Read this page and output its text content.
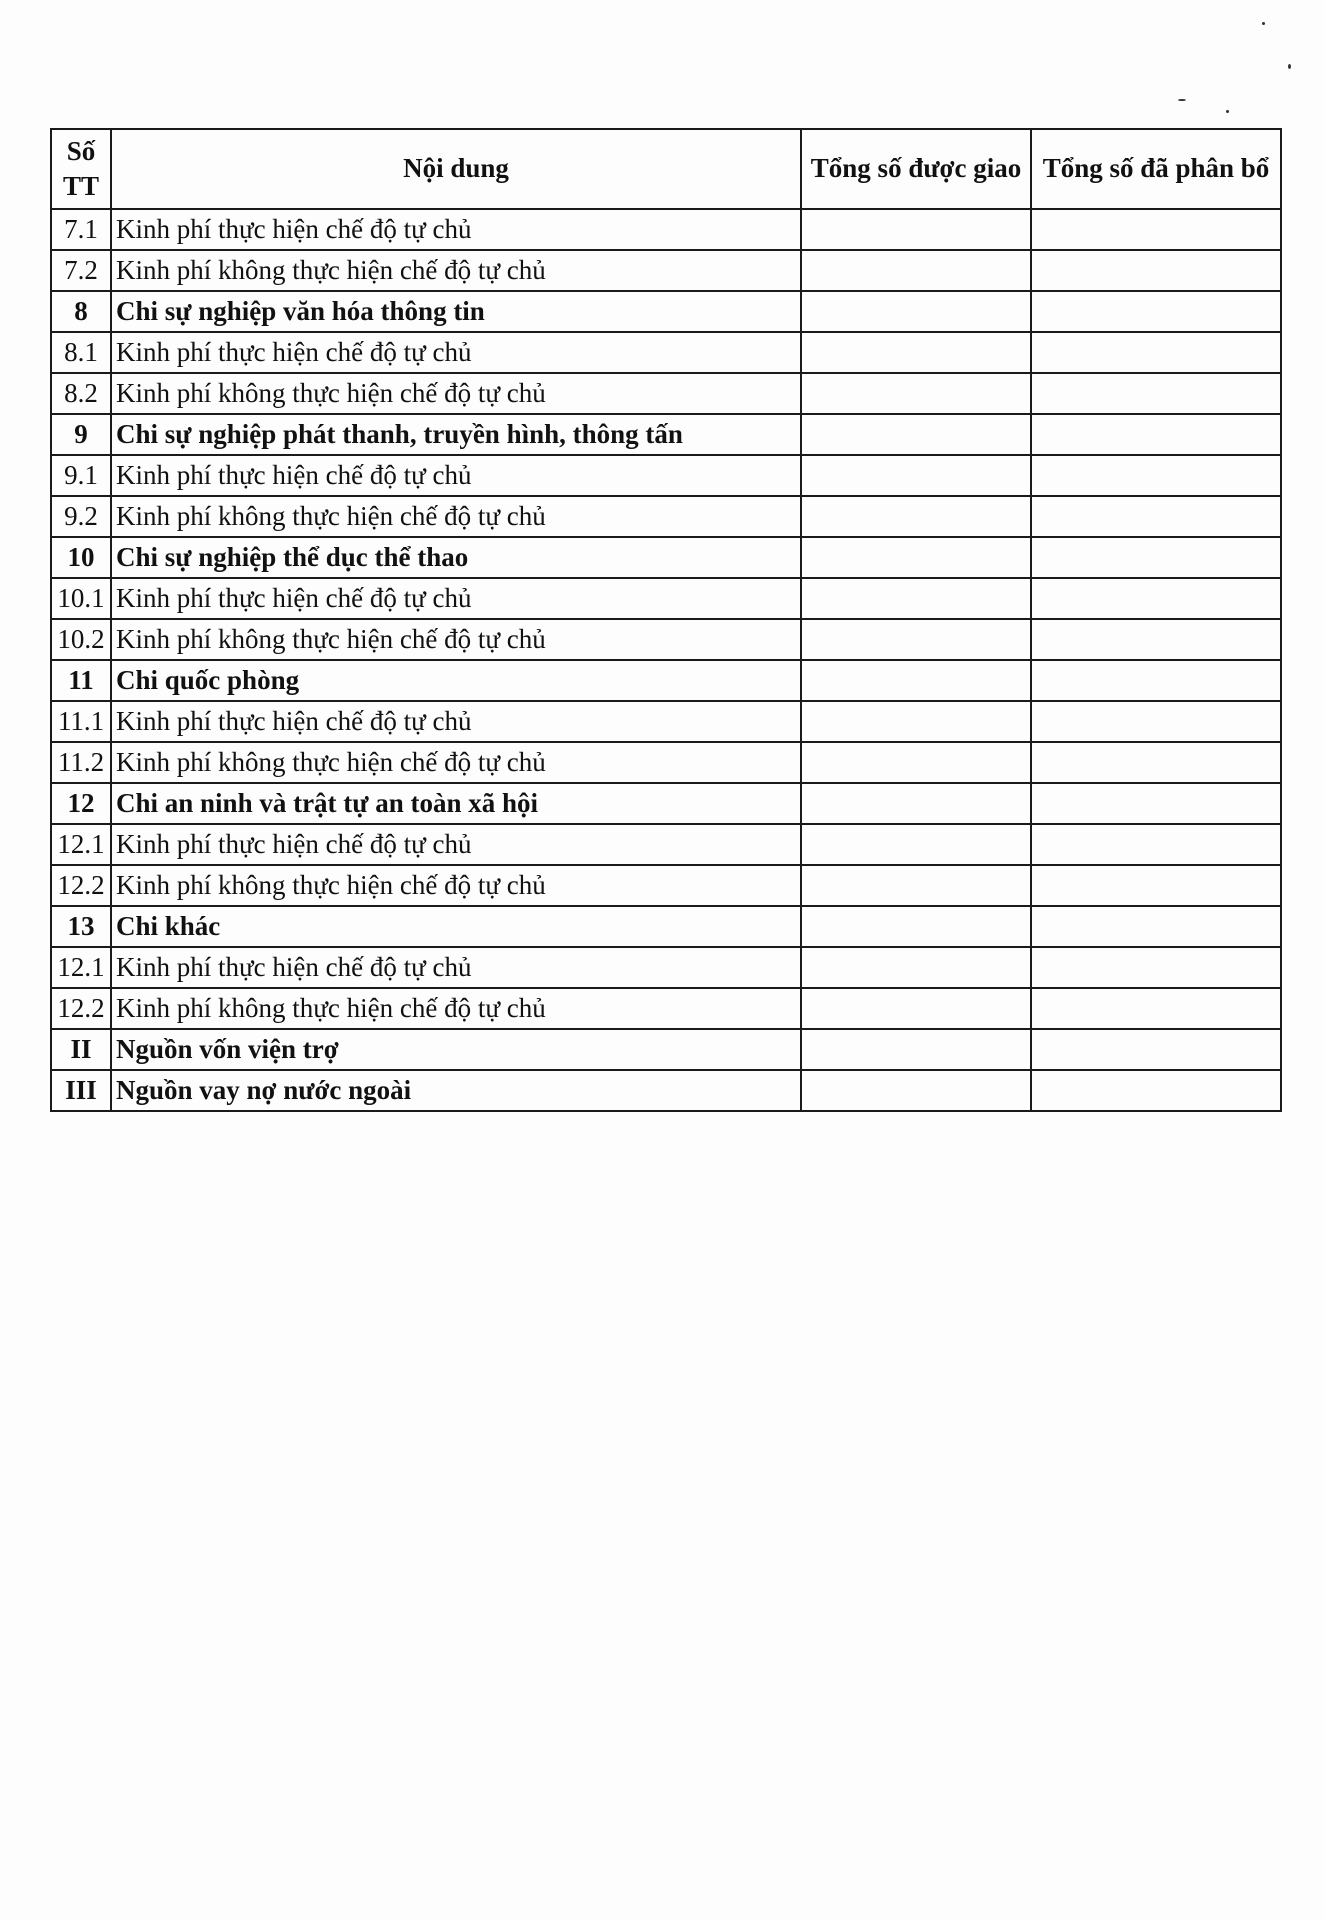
Số TT	Nội dung	Tổng số được giao	Tổng số đã phân bổ
7.1	Kinh phí thực hiện chế độ tự chủ		
7.2	Kinh phí không thực hiện chế độ tự chủ		
8	Chi sự nghiệp văn hóa thông tin		
8.1	Kinh phí thực hiện chế độ tự chủ		
8.2	Kinh phí không thực hiện chế độ tự chủ		
9	Chi sự nghiệp phát thanh, truyền hình, thông tấn		
9.1	Kinh phí thực hiện chế độ tự chủ		
9.2	Kinh phí không thực hiện chế độ tự chủ		
10	Chi sự nghiệp thể dục thể thao		
10.1	Kinh phí thực hiện chế độ tự chủ		
10.2	Kinh phí không thực hiện chế độ tự chủ		
11	Chi quốc phòng		
11.1	Kinh phí thực hiện chế độ tự chủ		
11.2	Kinh phí không thực hiện chế độ tự chủ		
12	Chi an ninh và trật tự an toàn xã hội		
12.1	Kinh phí thực hiện chế độ tự chủ		
12.2	Kinh phí không thực hiện chế độ tự chủ		
13	Chi khác		
12.1	Kinh phí thực hiện chế độ tự chủ		
12.2	Kinh phí không thực hiện chế độ tự chủ		
II	Nguồn vốn viện trợ		
III	Nguồn vay nợ nước ngoài		
